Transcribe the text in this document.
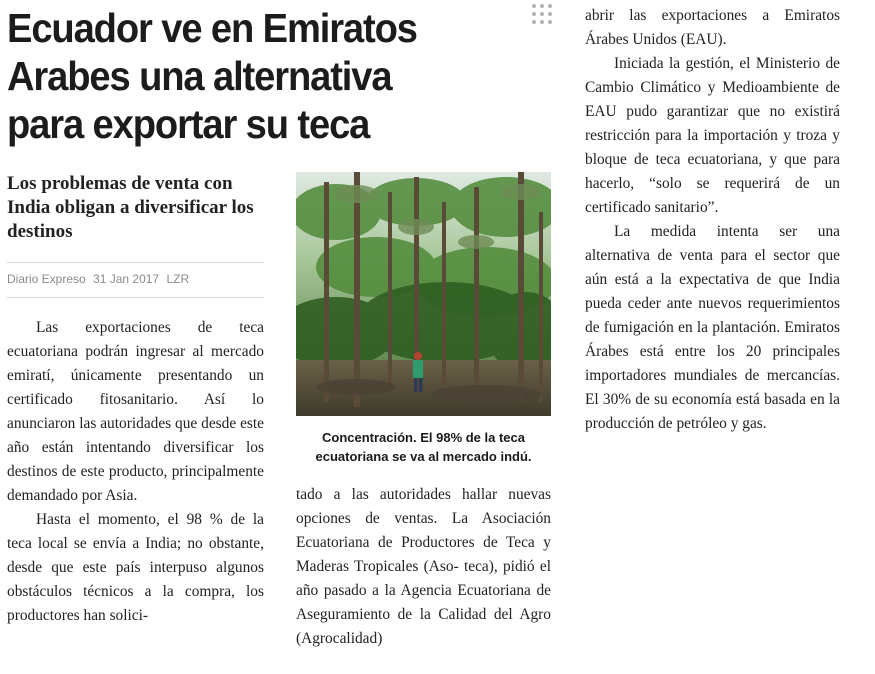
Ecuador ve en Emiratos Arabes una alternativa para exportar su teca
Los problemas de venta con India obligan a diversificar los destinos
Diario Expreso 31 Jan 2017 LZR

Las exportaciones de teca ecuatoriana podrán ingresar al mercado emiratí, únicamente presentando un certificado fitosanitario. Así lo anunciaron las autoridades que desde este año están intentando diversificar los destinos de este producto, principalmente demandado por Asia.

Hasta el momento, el 98 % de la teca local se envía a India; no obstante, desde que este país interpuso algunos obstáculos técnicos a la compra, los productores han solici-

Concentración. El 98% de la teca ecuatoriana se va al mercado indú.

tado a las autoridades hallar nuevas opciones de ventas. La Asociación Ecuatoriana de Productores de Teca y Maderas Tropicales (Aso- teca), pidió el año pasado a la Agencia Ecuatoriana de Aseguramiento de la Calidad del Agro (Agrocalidad)

abrir las exportaciones a Emiratos Árabes Unidos (EAU).

Iniciada la gestión, el Ministerio de Cambio Climático y Medioambiente de EAU pudo garantizar que no existirá restricción para la importación y troza y bloque de teca ecuatoriana, y que para hacerlo, “solo se requerirá de un certificado sanitario”.

La medida intenta ser una alternativa de venta para el sector que aún está a la expectativa de que India pueda ceder ante nuevos requerimientos de fumigación en la plantación. Emiratos Árabes está entre los 20 principales importadores mundiales de mercancías. El 30% de su economía está basada en la producción de petróleo y gas.
